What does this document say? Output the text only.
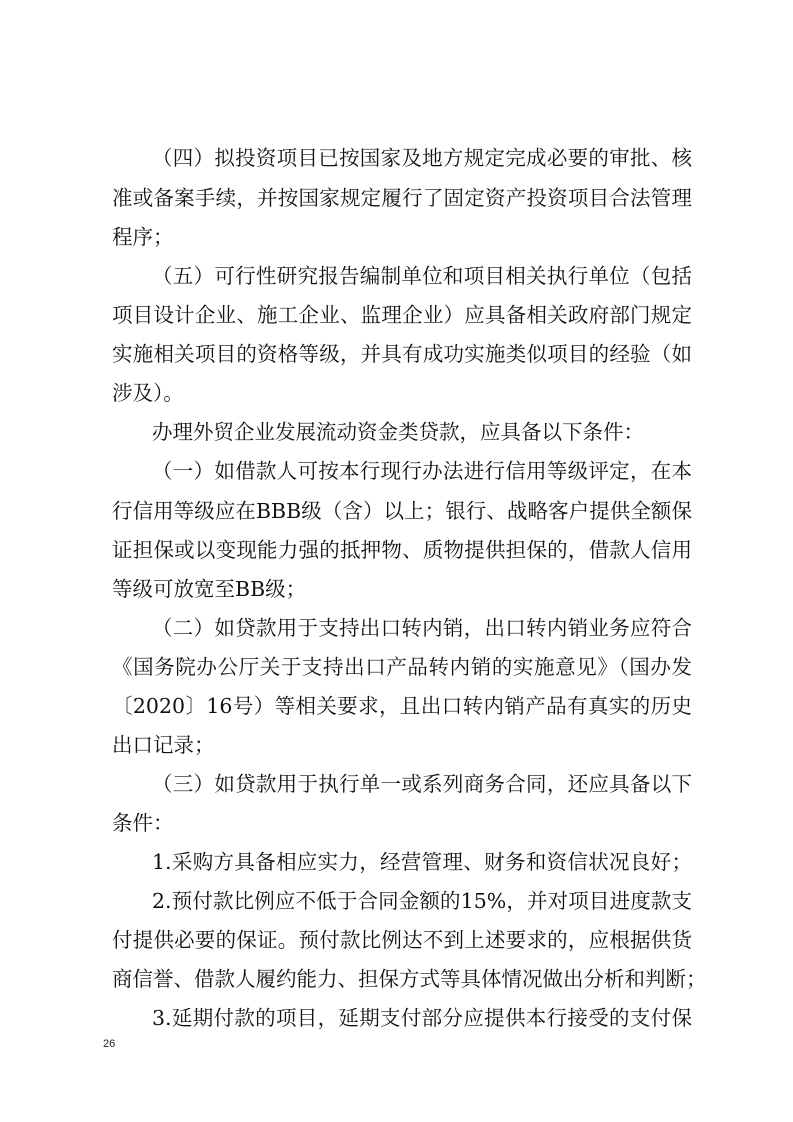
（四）拟投资项目已按国家及地方规定完成必要的审批、核
准或备案手续，并按国家规定履行了固定资产投资项目合法管理
程序；
（五）可行性研究报告编制单位和项目相关执行单位（包括
项目设计企业、施工企业、监理企业）应具备相关政府部门规定
实施相关项目的资格等级，并具有成功实施类似项目的经验（如
涉及）。
办理外贸企业发展流动资金类贷款，应具备以下条件：
（一）如借款人可按本行现行办法进行信用等级评定，在本
行信用等级应在BBB级（含）以上；银行、战略客户提供全额保
证担保或以变现能力强的抵押物、质物提供担保的，借款人信用
等级可放宽至BB级；
（二）如贷款用于支持出口转内销，出口转内销业务应符合
《国务院办公厅关于支持出口产品转内销的实施意见》（国办发
〔2020〕16号）等相关要求，且出口转内销产品有真实的历史
出口记录；
（三）如贷款用于执行单一或系列商务合同，还应具备以下
条件：
1.采购方具备相应实力，经营管理、财务和资信状况良好；
2.预付款比例应不低于合同金额的15%，并对项目进度款支
付提供必要的保证。预付款比例达不到上述要求的，应根据供货
商信誉、借款人履约能力、担保方式等具体情况做出分析和判断；
3.延期付款的项目，延期支付部分应提供本行接受的支付保
26
